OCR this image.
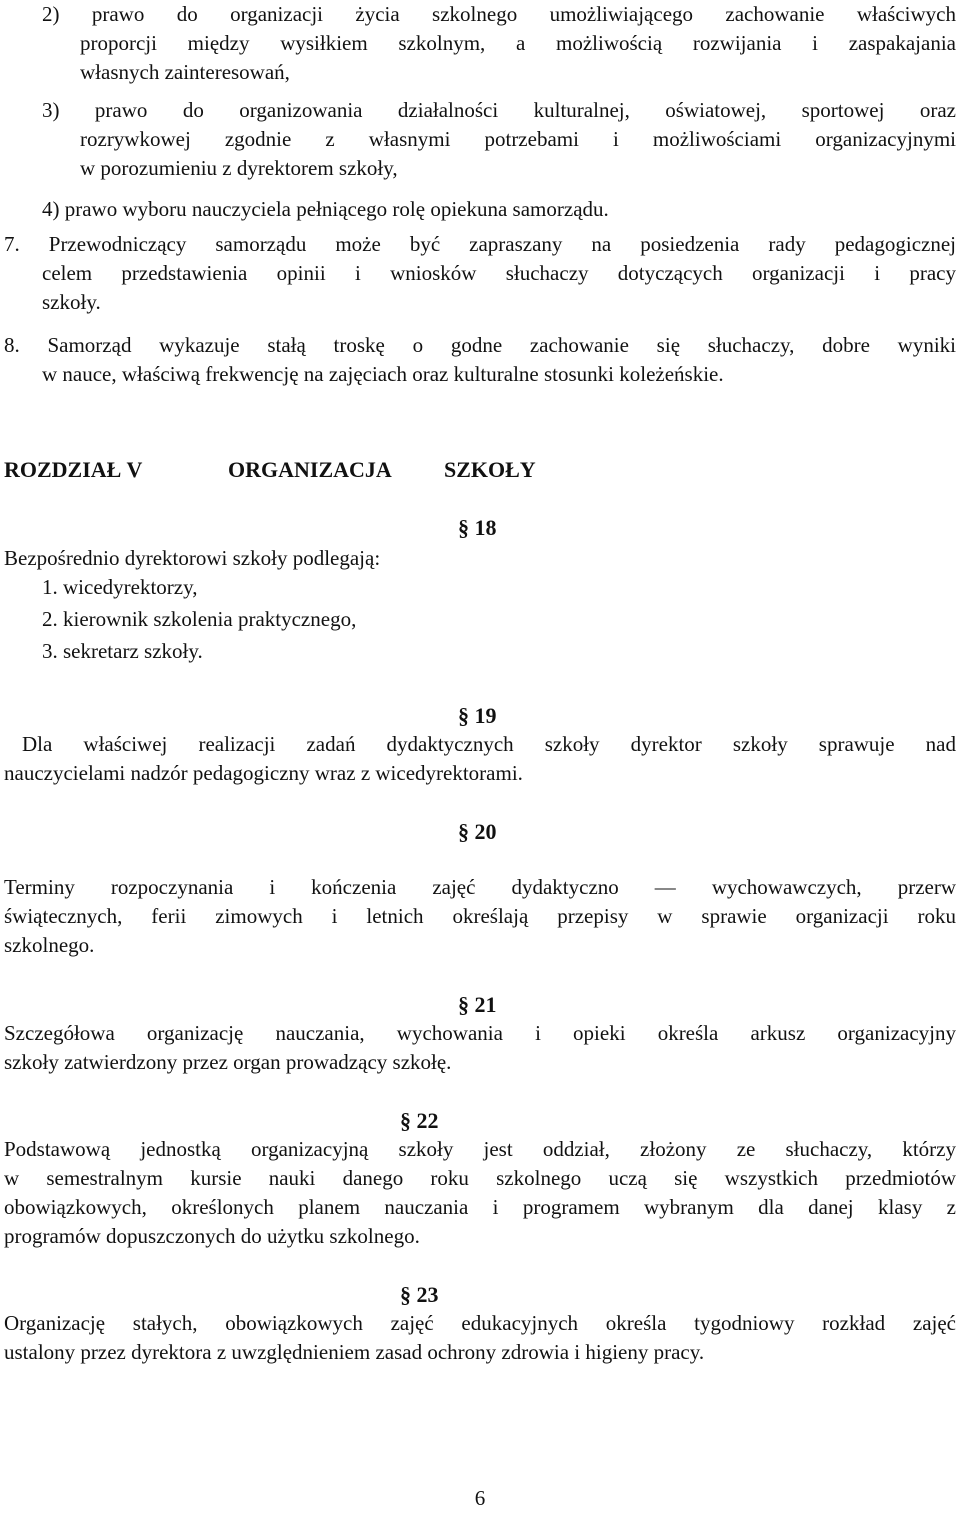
2) prawo do organizacji życia szkolnego umożliwiającego zachowanie właściwych
proporcji między wysiłkiem szkolnym, a możliwością rozwijania i zaspakajania
własnych zainteresowań,
3) prawo do organizowania działalności kulturalnej, oświatowej, sportowej oraz
rozrywkowej zgodnie z własnymi potrzebami i możliwościami organizacyjnymi
w porozumieniu z dyrektorem szkoły,
4) prawo wyboru nauczyciela pełniącego rolę opiekuna samorządu.
7. Przewodniczący samorządu może być zapraszany na posiedzenia rady pedagogicznej
celem przedstawienia opinii i wniosków słuchaczy dotyczących organizacji i pracy
szkoły.
8. Samorząd wykazuje stałą troskę o godne zachowanie się słuchaczy, dobre wyniki
w nauce, właściwą frekwencję na zajęciach oraz kulturalne stosunki koleżeńskie.
ROZDZIAŁ V	ORGANIZACJA SZKOŁY
§ 18
Bezpośrednio dyrektorowi szkoły podlegają:
1. wicedyrektorzy,
2. kierownik szkolenia praktycznego,
3. sekretarz szkoły.
§ 19
Dla właściwej realizacji zadań dydaktycznych szkoły dyrektor szkoły sprawuje nad
nauczycielami nadzór pedagogiczny wraz z wicedyrektorami.
§ 20
Terminy rozpoczynania i kończenia zajęć dydaktyczno — wychowawczych, przerw
świątecznych, ferii zimowych i letnich określają przepisy w sprawie organizacji roku
szkolnego.
§ 21
Szczegółowa organizację nauczania, wychowania i opieki określa arkusz organizacyjny
szkoły zatwierdzony przez organ prowadzący szkołę.
§ 22
Podstawową jednostką organizacyjną szkoły jest oddział, złożony ze słuchaczy, którzy
w semestralnym kursie nauki danego roku szkolnego uczą się wszystkich przedmiotów
obowiązkowych, określonych planem nauczania i programem wybranym dla danej klasy z
programów dopuszczonych do użytku szkolnego.
§ 23
Organizację stałych, obowiązkowych zajęć edukacyjnych określa tygodniowy rozkład zajęć
ustalony przez dyrektora z uwzględnieniem zasad ochrony zdrowia i higieny pracy.
6
